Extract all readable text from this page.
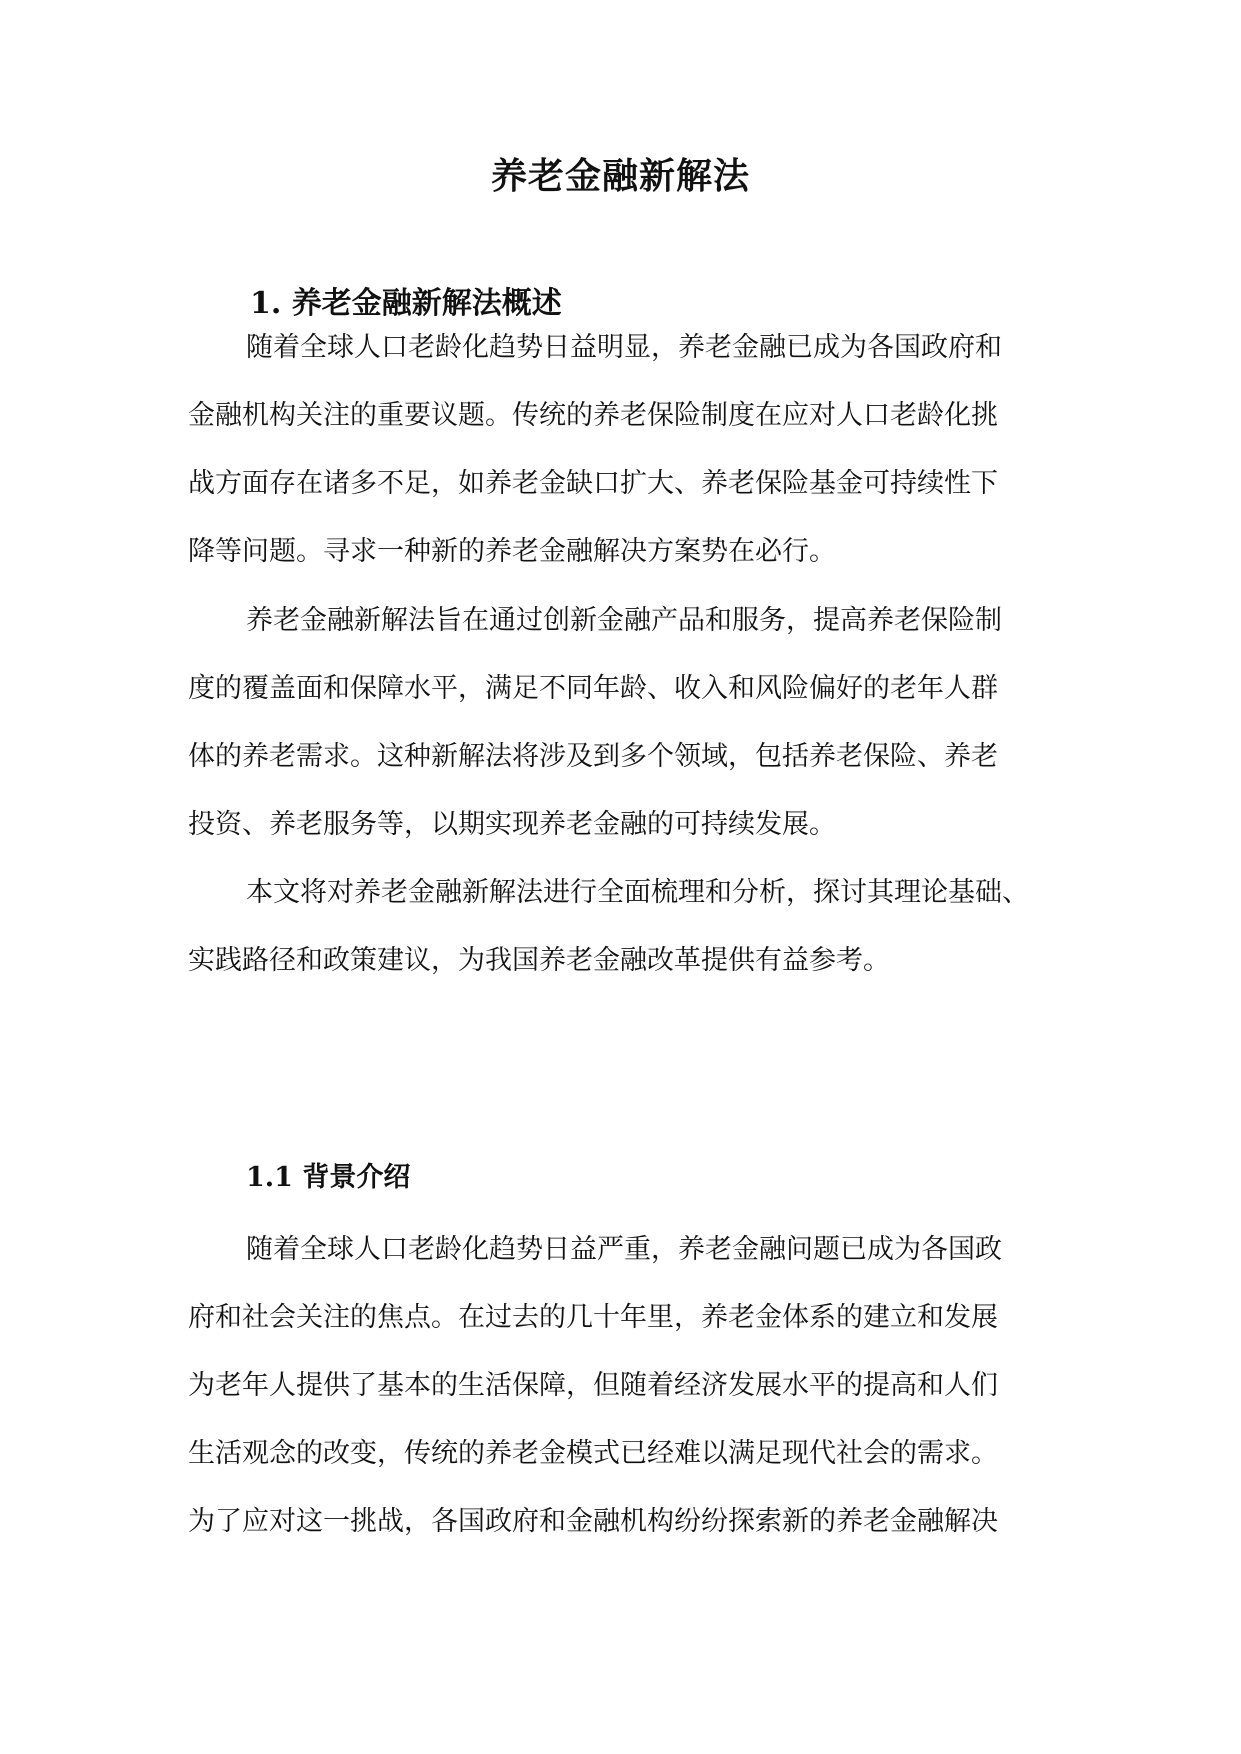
养老金融新解法
1. 养老金融新解法概述
随着全球人口老龄化趋势日益明显，养老金融已成为各国政府和
金融机构关注的重要议题。传统的养老保险制度在应对人口老龄化挑
战方面存在诸多不足，如养老金缺口扩大、养老保险基金可持续性下
降等问题。寻求一种新的养老金融解决方案势在必行。
养老金融新解法旨在通过创新金融产品和服务，提高养老保险制
度的覆盖面和保障水平，满足不同年龄、收入和风险偏好的老年人群
体的养老需求。这种新解法将涉及到多个领域，包括养老保险、养老
投资、养老服务等，以期实现养老金融的可持续发展。
本文将对养老金融新解法进行全面梳理和分析，探讨其理论基础、
实践路径和政策建议，为我国养老金融改革提供有益参考。
1.1 背景介绍
随着全球人口老龄化趋势日益严重，养老金融问题已成为各国政
府和社会关注的焦点。在过去的几十年里，养老金体系的建立和发展
为老年人提供了基本的生活保障，但随着经济发展水平的提高和人们
生活观念的改变，传统的养老金模式已经难以满足现代社会的需求。
为了应对这一挑战，各国政府和金融机构纷纷探索新的养老金融解决
